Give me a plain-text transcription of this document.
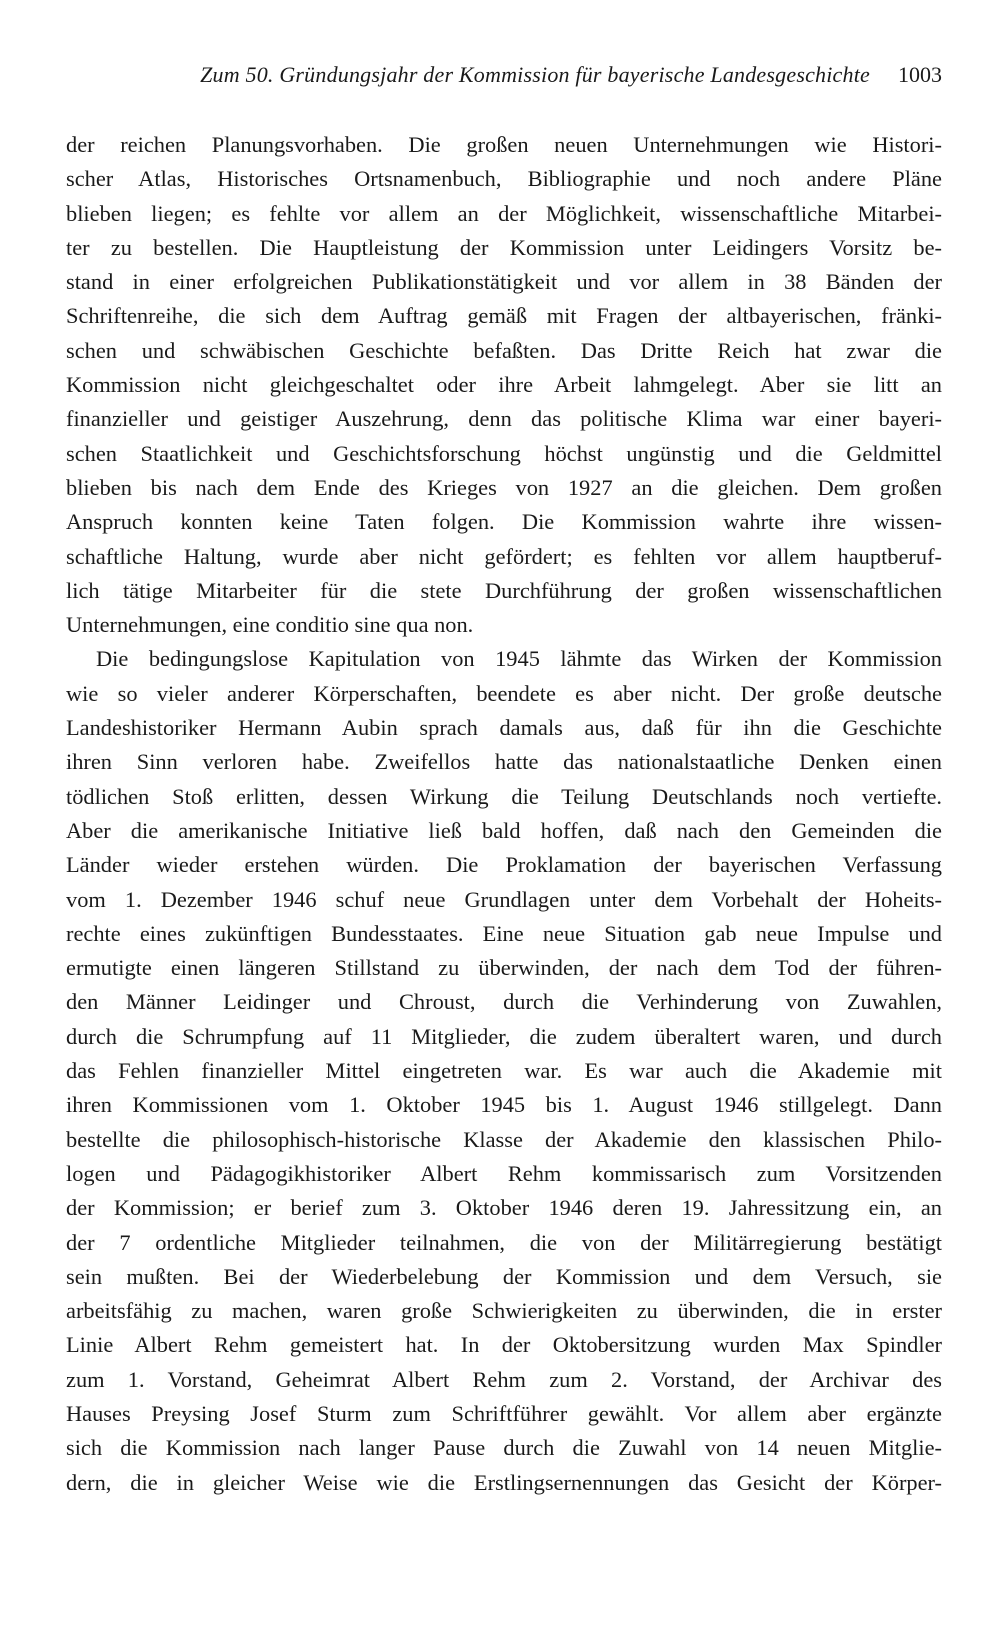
Zum 50. Gründungsjahr der Kommission für bayerische Landesgeschichte 1003
der reichen Planungsvorhaben. Die großen neuen Unternehmungen wie Histori-
scher Atlas, Historisches Ortsnamenbuch, Bibliographie und noch andere Pläne
blieben liegen; es fehlte vor allem an der Möglichkeit, wissenschaftliche Mitarbei-
ter zu bestellen. Die Hauptleistung der Kommission unter Leidingers Vorsitz be-
stand in einer erfolgreichen Publikationstätigkeit und vor allem in 38 Bänden der
Schriftenreihe, die sich dem Auftrag gemäß mit Fragen der altbayerischen, fränki-
schen und schwäbischen Geschichte befaßten. Das Dritte Reich hat zwar die
Kommission nicht gleichgeschaltet oder ihre Arbeit lahmgelegt. Aber sie litt an
finanzieller und geistiger Auszehrung, denn das politische Klima war einer bayeri-
schen Staatlichkeit und Geschichtsforschung höchst ungünstig und die Geldmittel
blieben bis nach dem Ende des Krieges von 1927 an die gleichen. Dem großen
Anspruch konnten keine Taten folgen. Die Kommission wahrte ihre wissen-
schaftliche Haltung, wurde aber nicht gefördert; es fehlten vor allem hauptberuf-
lich tätige Mitarbeiter für die stete Durchführung der großen wissenschaftlichen
Unternehmungen, eine conditio sine qua non.
Die bedingungslose Kapitulation von 1945 lähmte das Wirken der Kommission
wie so vieler anderer Körperschaften, beendete es aber nicht. Der große deutsche
Landeshistoriker Hermann Aubin sprach damals aus, daß für ihn die Geschichte
ihren Sinn verloren habe. Zweifellos hatte das nationalstaatliche Denken einen
tödlichen Stoß erlitten, dessen Wirkung die Teilung Deutschlands noch vertiefte.
Aber die amerikanische Initiative ließ bald hoffen, daß nach den Gemeinden die
Länder wieder erstehen würden. Die Proklamation der bayerischen Verfassung
vom 1. Dezember 1946 schuf neue Grundlagen unter dem Vorbehalt der Hoheits-
rechte eines zukünftigen Bundesstaates. Eine neue Situation gab neue Impulse und
ermutigte einen längeren Stillstand zu überwinden, der nach dem Tod der führen-
den Männer Leidinger und Chroust, durch die Verhinderung von Zuwahlen,
durch die Schrumpfung auf 11 Mitglieder, die zudem überaltert waren, und durch
das Fehlen finanzieller Mittel eingetreten war. Es war auch die Akademie mit
ihren Kommissionen vom 1. Oktober 1945 bis 1. August 1946 stillgelegt. Dann
bestellte die philosophisch-historische Klasse der Akademie den klassischen Philo-
logen und Pädagogikhistoriker Albert Rehm kommissarisch zum Vorsitzenden
der Kommission; er berief zum 3. Oktober 1946 deren 19. Jahressitzung ein, an
der 7 ordentliche Mitglieder teilnahmen, die von der Militärregierung bestätigt
sein mußten. Bei der Wiederbelebung der Kommission und dem Versuch, sie
arbeitsfähig zu machen, waren große Schwierigkeiten zu überwinden, die in erster
Linie Albert Rehm gemeistert hat. In der Oktobersitzung wurden Max Spindler
zum 1. Vorstand, Geheimrat Albert Rehm zum 2. Vorstand, der Archivar des
Hauses Preysing Josef Sturm zum Schriftführer gewählt. Vor allem aber ergänzte
sich die Kommission nach langer Pause durch die Zuwahl von 14 neuen Mitglie-
dern, die in gleicher Weise wie die Erstlingsernennungen das Gesicht der Körper-
